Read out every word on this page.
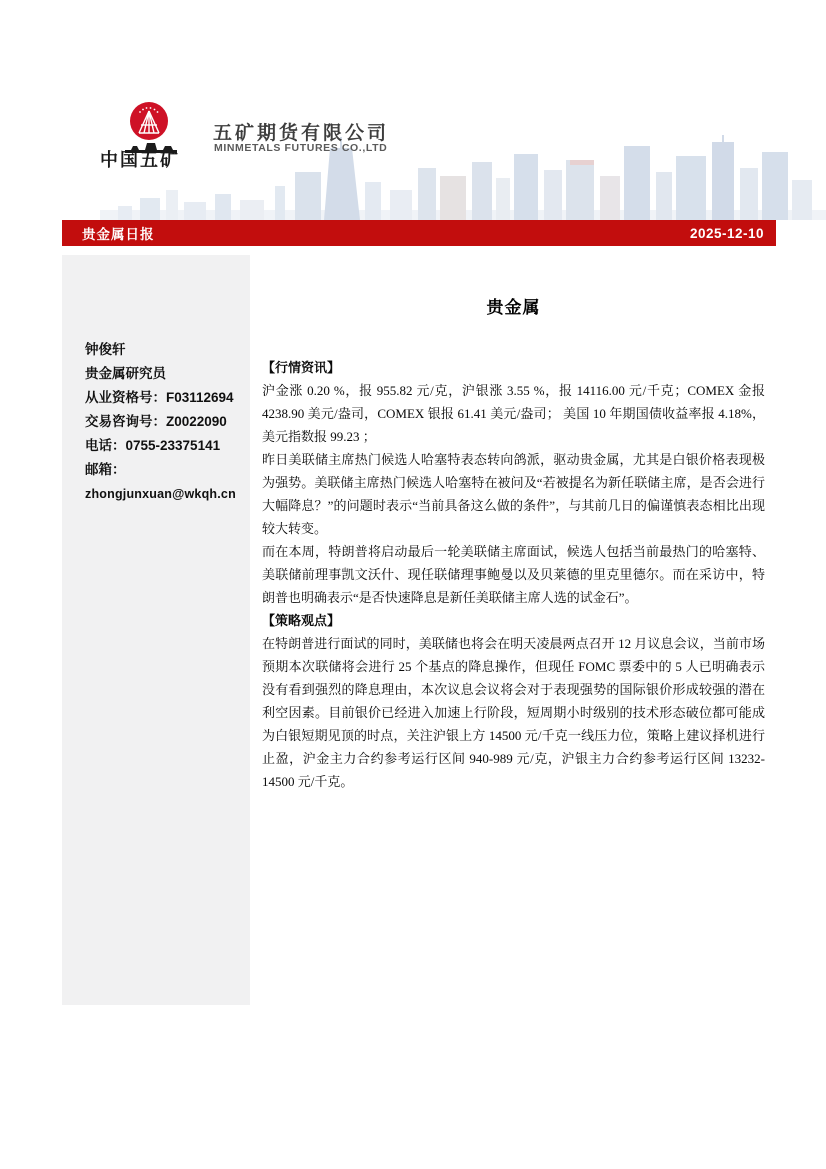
中国五矿
五矿期货有限公司
MINMETALS FUTURES CO.,LTD
贵金属日报	2025-12-10
钟俊轩
贵金属研究员
从业资格号：F03112694
交易咨询号：Z0022090
电话：0755-23375141
邮箱：
zhongjunxuan@wkqh.cn
贵金属

【行情资讯】

沪金涨 0.20 %，报 955.82 元/克，沪银涨 3.55 %，报 14116.00 元/千克；COMEX 金报 4238.90 美元/盎司，COMEX 银报 61.41 美元/盎司； 美国 10 年期国债收益率报 4.18%，美元指数报 99.23 ；

昨日美联储主席热门候选人哈塞特表态转向鸽派，驱动贵金属，尤其是白银价格表现极为强势。美联储主席热门候选人哈塞特在被问及“若被提名为新任联储主席，是否会进行大幅降息？”的问题时表示“当前具备这么做的条件”，与其前几日的偏谨慎表态相比出现较大转变。

而在本周，特朗普将启动最后一轮美联储主席面试，候选人包括当前最热门的哈塞特、美联储前理事凯文沃什、现任联储理事鲍曼以及贝莱德的里克里德尔。而在采访中，特朗普也明确表示“是否快速降息是新任美联储主席人选的试金石”。

【策略观点】

在特朗普进行面试的同时，美联储也将会在明天凌晨两点召开 12 月议息会议，当前市场预期本次联储将会进行 25 个基点的降息操作，但现任 FOMC 票委中的 5 人已明确表示没有看到强烈的降息理由，本次议息会议将会对于表现强势的国际银价形成较强的潜在利空因素。目前银价已经进入加速上行阶段，短周期小时级别的技术形态破位都可能成为白银短期见顶的时点，关注沪银上方 14500 元/千克一线压力位，策略上建议择机进行止盈，沪金主力合约参考运行区间 940-989 元/克，沪银主力合约参考运行区间 13232-14500 元/千克。
